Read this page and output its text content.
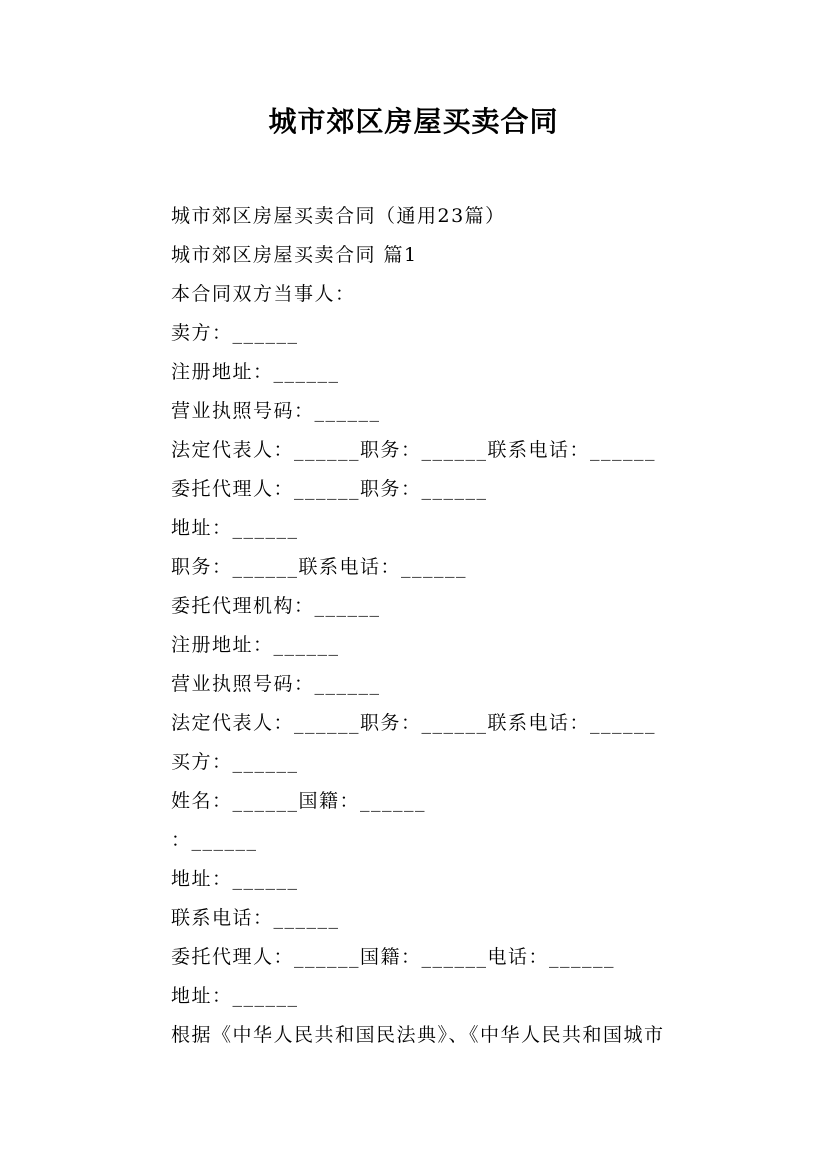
城市郊区房屋买卖合同
城市郊区房屋买卖合同（通用23篇）
城市郊区房屋买卖合同 篇1
本合同双方当事人：
卖方：______
注册地址：______
营业执照号码：______
法定代表人：______职务：______联系电话：______
委托代理人：______职务：______
地址：______
职务：______联系电话：______
委托代理机构：______
注册地址：______
营业执照号码：______
法定代表人：______职务：______联系电话：______
买方：______
姓名：______国籍：______
：______
地址：______
联系电话：______
委托代理人：______国籍：______电话：______
地址：______
根据《中华人民共和国民法典》、《中华人民共和国城市
